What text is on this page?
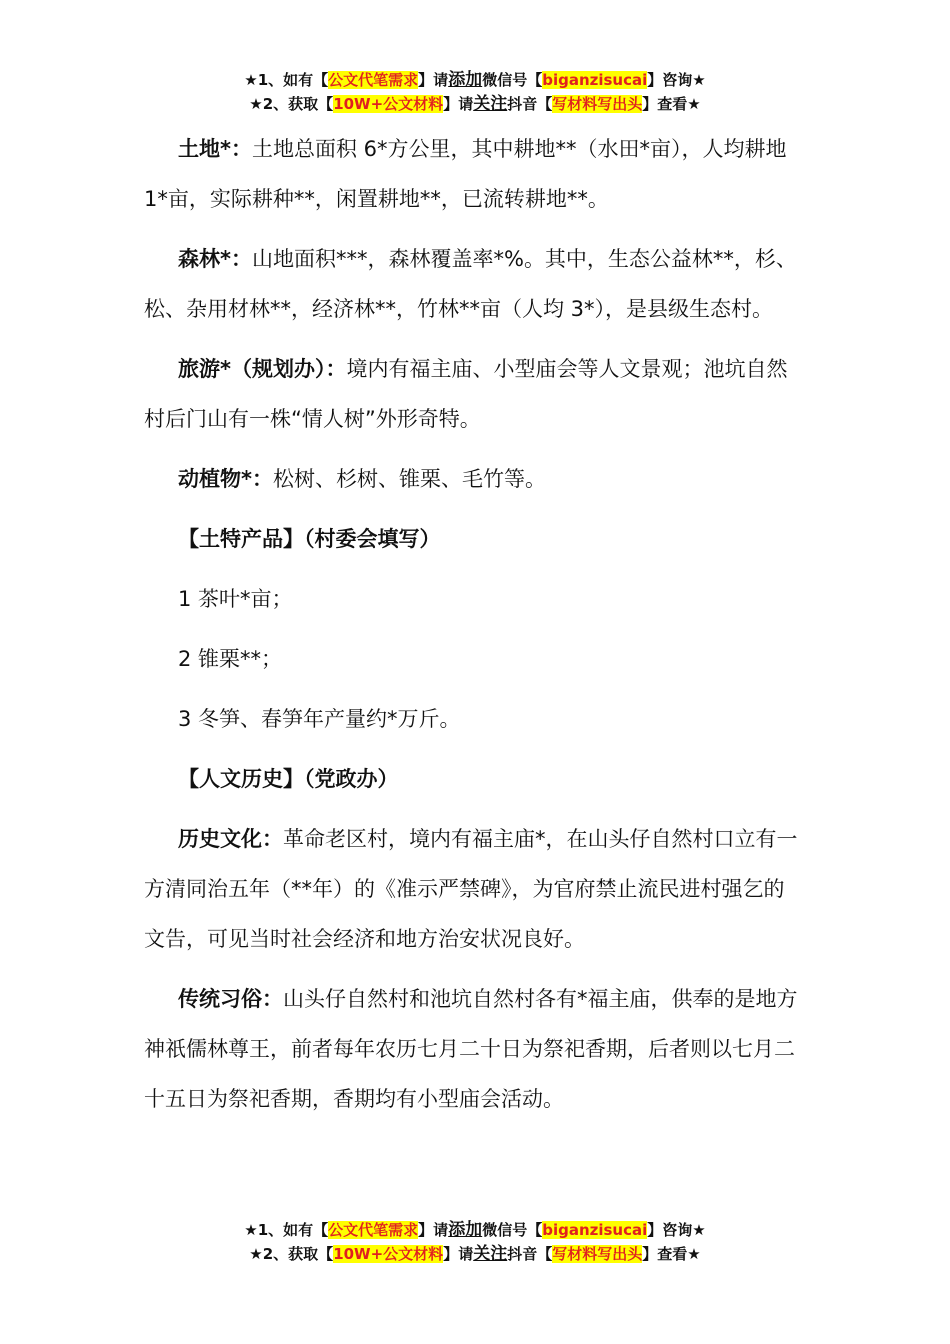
★1、如有【公文代笔需求】请添加微信号【biganzisucai】咨询★
★2、获取【10W+公文材料】请关注抖音【写材料写出头】查看★

土地*：土地总面积 6*方公里，其中耕地**（水田*亩），人均耕地 1*亩，实际耕种**，闲置耕地**，已流转耕地**。

森林*：山地面积***，森林覆盖率*%。其中，生态公益林**，杉、松、杂用材林**，经济林**，竹林**亩（人均 3*），是县级生态村。

旅游*（规划办）：境内有福主庙、小型庙会等人文景观；池坑自然村后门山有一株“情人树”外形奇特。

动植物*：松树、杉树、锥栗、毛竹等。

【土特产品】（村委会填写）

1 茶叶*亩；

2 锥栗**；

3 冬笋、春笋年产量约*万斤。

【人文历史】（党政办）

历史文化：革命老区村，境内有福主庙*，在山头仔自然村口立有一方清同治五年（**年）的《准示严禁碑》，为官府禁止流民进村强乞的文告，可见当时社会经济和地方治安状况良好。

传统习俗：山头仔自然村和池坑自然村各有*福主庙，供奉的是地方神祇儒林尊王，前者每年农历七月二十日为祭祀香期，后者则以七月二十五日为祭祀香期，香期均有小型庙会活动。

★1、如有【公文代笔需求】请添加微信号【biganzisucai】咨询★
★2、获取【10W+公文材料】请关注抖音【写材料写出头】查看★
